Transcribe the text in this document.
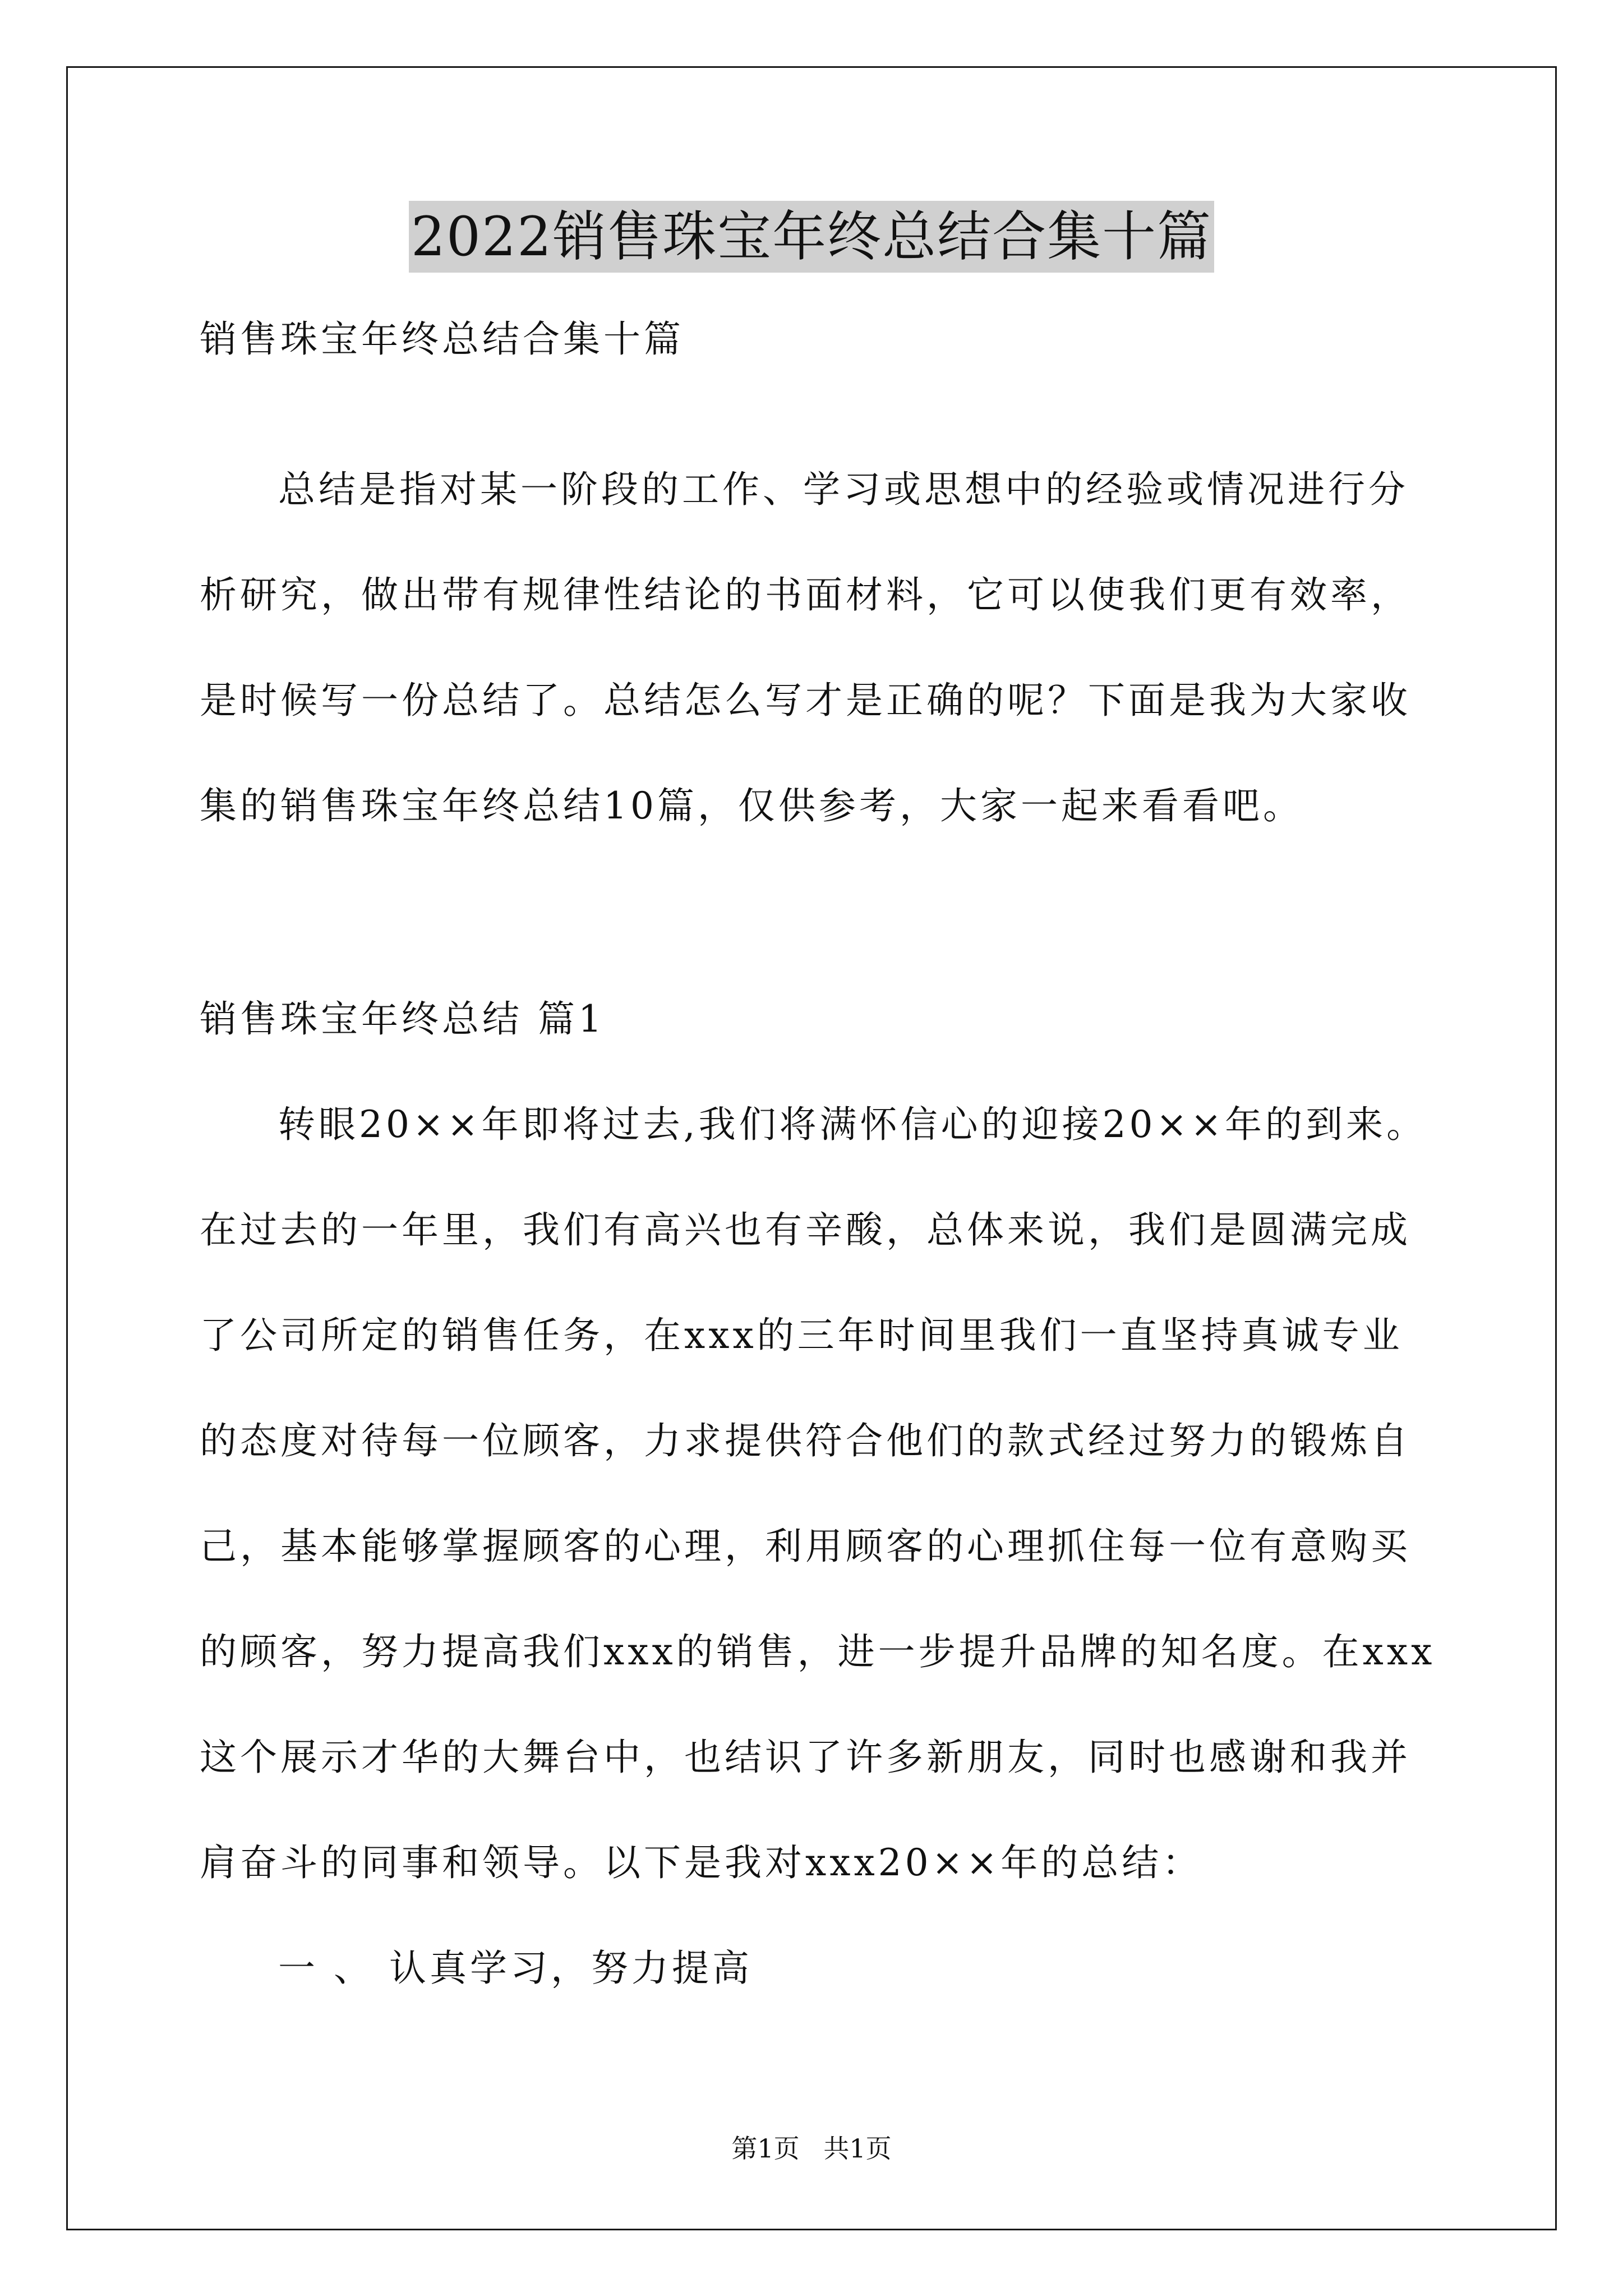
2022销售珠宝年终总结合集十篇
销售珠宝年终总结合集十篇
总结是指对某一阶段的工作、学习或思想中的经验或情况进行分
析研究，做出带有规律性结论的书面材料，它可以使我们更有效率，
是时候写一份总结了。总结怎么写才是正确的呢？下面是我为大家收
集的销售珠宝年终总结10篇，仅供参考，大家一起来看看吧。
销售珠宝年终总结 篇1
转眼20××年即将过去,我们将满怀信心的迎接20××年的到来。
在过去的一年里，我们有高兴也有辛酸，总体来说，我们是圆满完成
了公司所定的销售任务，在xxx的三年时间里我们一直坚持真诚专业
的态度对待每一位顾客，力求提供符合他们的款式经过努力的锻炼自
己，基本能够掌握顾客的心理，利用顾客的心理抓住每一位有意购买
的顾客，努力提高我们xxx的销售，进一步提升品牌的知名度。在xxx
这个展示才华的大舞台中，也结识了许多新朋友，同时也感谢和我并
肩奋斗的同事和领导。以下是我对xxx20××年的总结：
一 、 认真学习，努力提高
第1页 共1页
